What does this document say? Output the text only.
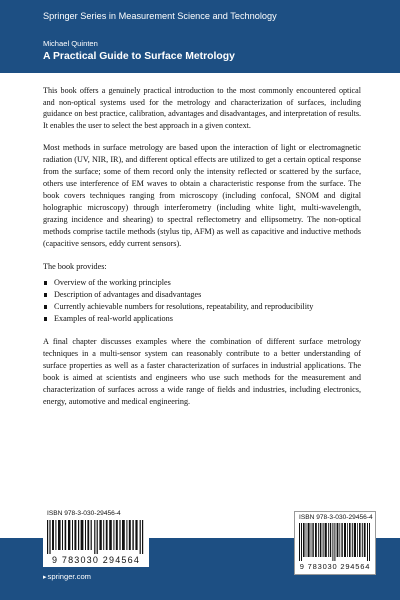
Springer Series in Measurement Science and Technology
Michael Quinten
A Practical Guide to Surface Metrology

This book offers a genuinely practical introduction to the most commonly encountered optical and non-optical systems used for the metrology and characterization of surfaces, including guidance on best practice, calibration, advantages and disadvantages, and interpretation of results. It enables the user to select the best approach in a given context.

Most methods in surface metrology are based upon the interaction of light or electromagnetic radiation (UV, NIR, IR), and different optical effects are utilized to get a certain optical response from the surface; some of them record only the intensity reflected or scattered by the surface, others use interference of EM waves to obtain a characteristic response from the surface. The book covers techniques ranging from microscopy (including confocal, SNOM and digital holographic microscopy) through interferometry (including white light, multi-wavelength, grazing incidence and shearing) to spectral reflectometry and ellipsometry. The non-optical methods comprise tactile methods (stylus tip, AFM) as well as capacitive and inductive methods (capacitive sensors, eddy current sensors).

The book provides:

Overview of the working principles
Description of advantages and disadvantages
Currently achievable numbers for resolutions, repeatability, and reproducibility
Examples of real-world applications

A final chapter discusses examples where the combination of different surface metrology techniques in a multi-sensor system can reasonably contribute to a better understanding of surface properties as well as a faster characterization of surfaces in industrial applications. The book is aimed at scientists and engineers who use such methods for the measurement and characterization of surfaces across a wide range of fields and industries, including electronics, energy, automotive and medical engineering.

ISBN 978-3-030-29456-4
9 783030 294564
ISBN 978-3-030-29456-4
9 783030 294564
▸springer.com
